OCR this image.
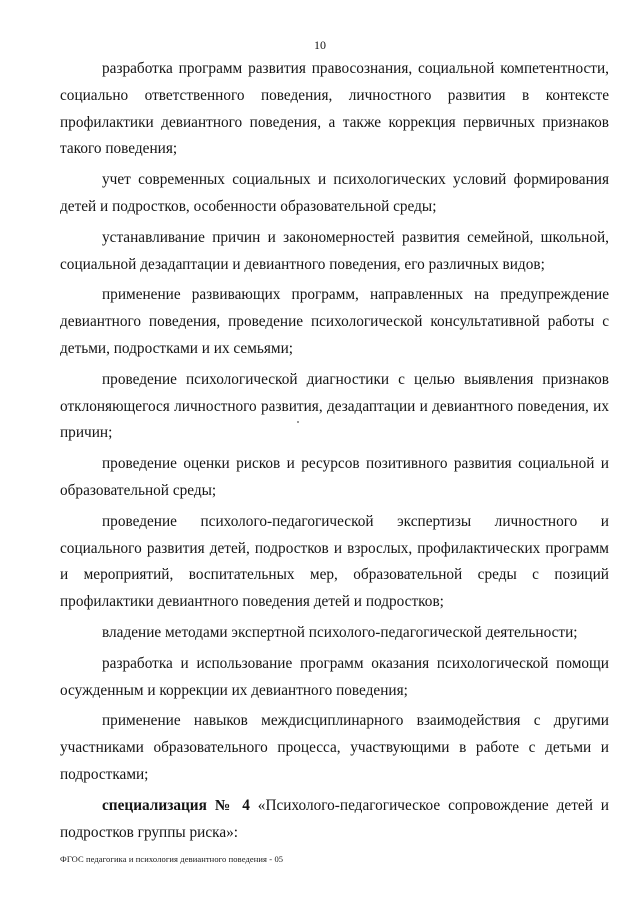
10

разработка программ развития правосознания, социальной компетентности, социально ответственного поведения, личностного развития в контексте профилактики девиантного поведения, а также коррекция первичных признаков такого поведения;

учет современных социальных и психологических условий формирования детей и подростков, особенности образовательной среды;

устанавливание причин и закономерностей развития семейной, школьной, социальной дезадаптации и девиантного поведения, его различных видов;

применение развивающих программ, направленных на предупреждение девиантного поведения, проведение психологической консультативной работы с детьми, подростками и их семьями;

проведение психологической диагностики с целью выявления признаков отклоняющегося личностного развития, дезадаптации и девиантного поведения, их причин;

проведение оценки рисков и ресурсов позитивного развития социальной и образовательной среды;

проведение психолого-педагогической экспертизы личностного и социального развития детей, подростков и взрослых, профилактических программ и мероприятий, воспитательных мер, образовательной среды с позиций профилактики девиантного поведения детей и подростков;

владение методами экспертной психолого-педагогической деятельности;

разработка и использование программ оказания психологической помощи осужденным и коррекции их девиантного поведения;

применение навыков междисциплинарного взаимодействия с другими участниками образовательного процесса, участвующими в работе с детьми и подростками;

специализация № 4 «Психолого-педагогическое сопровождение детей и подростков группы риска»:

ФГОС педагогика и психология девиантного поведения - 05
